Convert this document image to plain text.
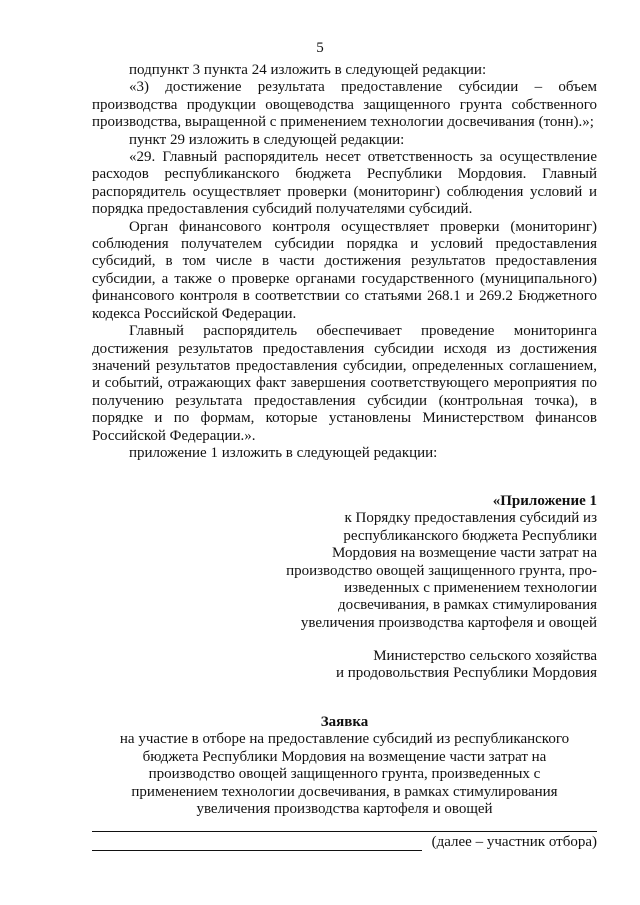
5

подпункт 3 пункта 24 изложить в следующей редакции:

«3) достижение результата предоставление субсидии – объем производства продукции овощеводства защищенного грунта собственного производства, выращенной с применением технологии досвечивания (тонн).»;

пункт 29 изложить в следующей редакции:

«29. Главный распорядитель несет ответственность за осуществление расходов республиканского бюджета Республики Мордовия. Главный распорядитель осуществляет проверки (мониторинг) соблюдения условий и порядка предоставления субсидий получателями субсидий.

Орган финансового контроля осуществляет проверки (мониторинг) соблюдения получателем субсидии порядка и условий предоставления субсидий, в том числе в части достижения результатов предоставления субсидии, а также о проверке органами государственного (муниципального) финансового контроля в соответствии со статьями 268.1 и 269.2 Бюджетного кодекса Российской Федерации.

Главный распорядитель обеспечивает проведение мониторинга достижения результатов предоставления субсидии исходя из достижения значений результатов предоставления субсидии, определенных соглашением, и событий, отражающих факт завершения соответствующего мероприятия по получению результата предоставления субсидии (контрольная точка), в порядке и по формам, которые установлены Министерством финансов Российской Федерации.».

приложение 1 изложить в следующей редакции:

«Приложение 1
к Порядку предоставления субсидий из
республиканского бюджета Республики
Мордовия на возмещение части затрат на
производство овощей защищенного грунта, про-
изведенных с применением технологии
досвечивания, в рамках стимулирования
увеличения производства картофеля и овощей
Министерство сельского хозяйства
и продовольствия Республики Мордовия
Заявка
на участие в отборе на предоставление субсидий из республиканского
бюджета Республики Мордовия на возмещение части затрат на
производство овощей защищенного грунта, произведенных с
применением технологии досвечивания, в рамках стимулирования
увеличения производства картофеля и овощей
(далее – участник отбора)
